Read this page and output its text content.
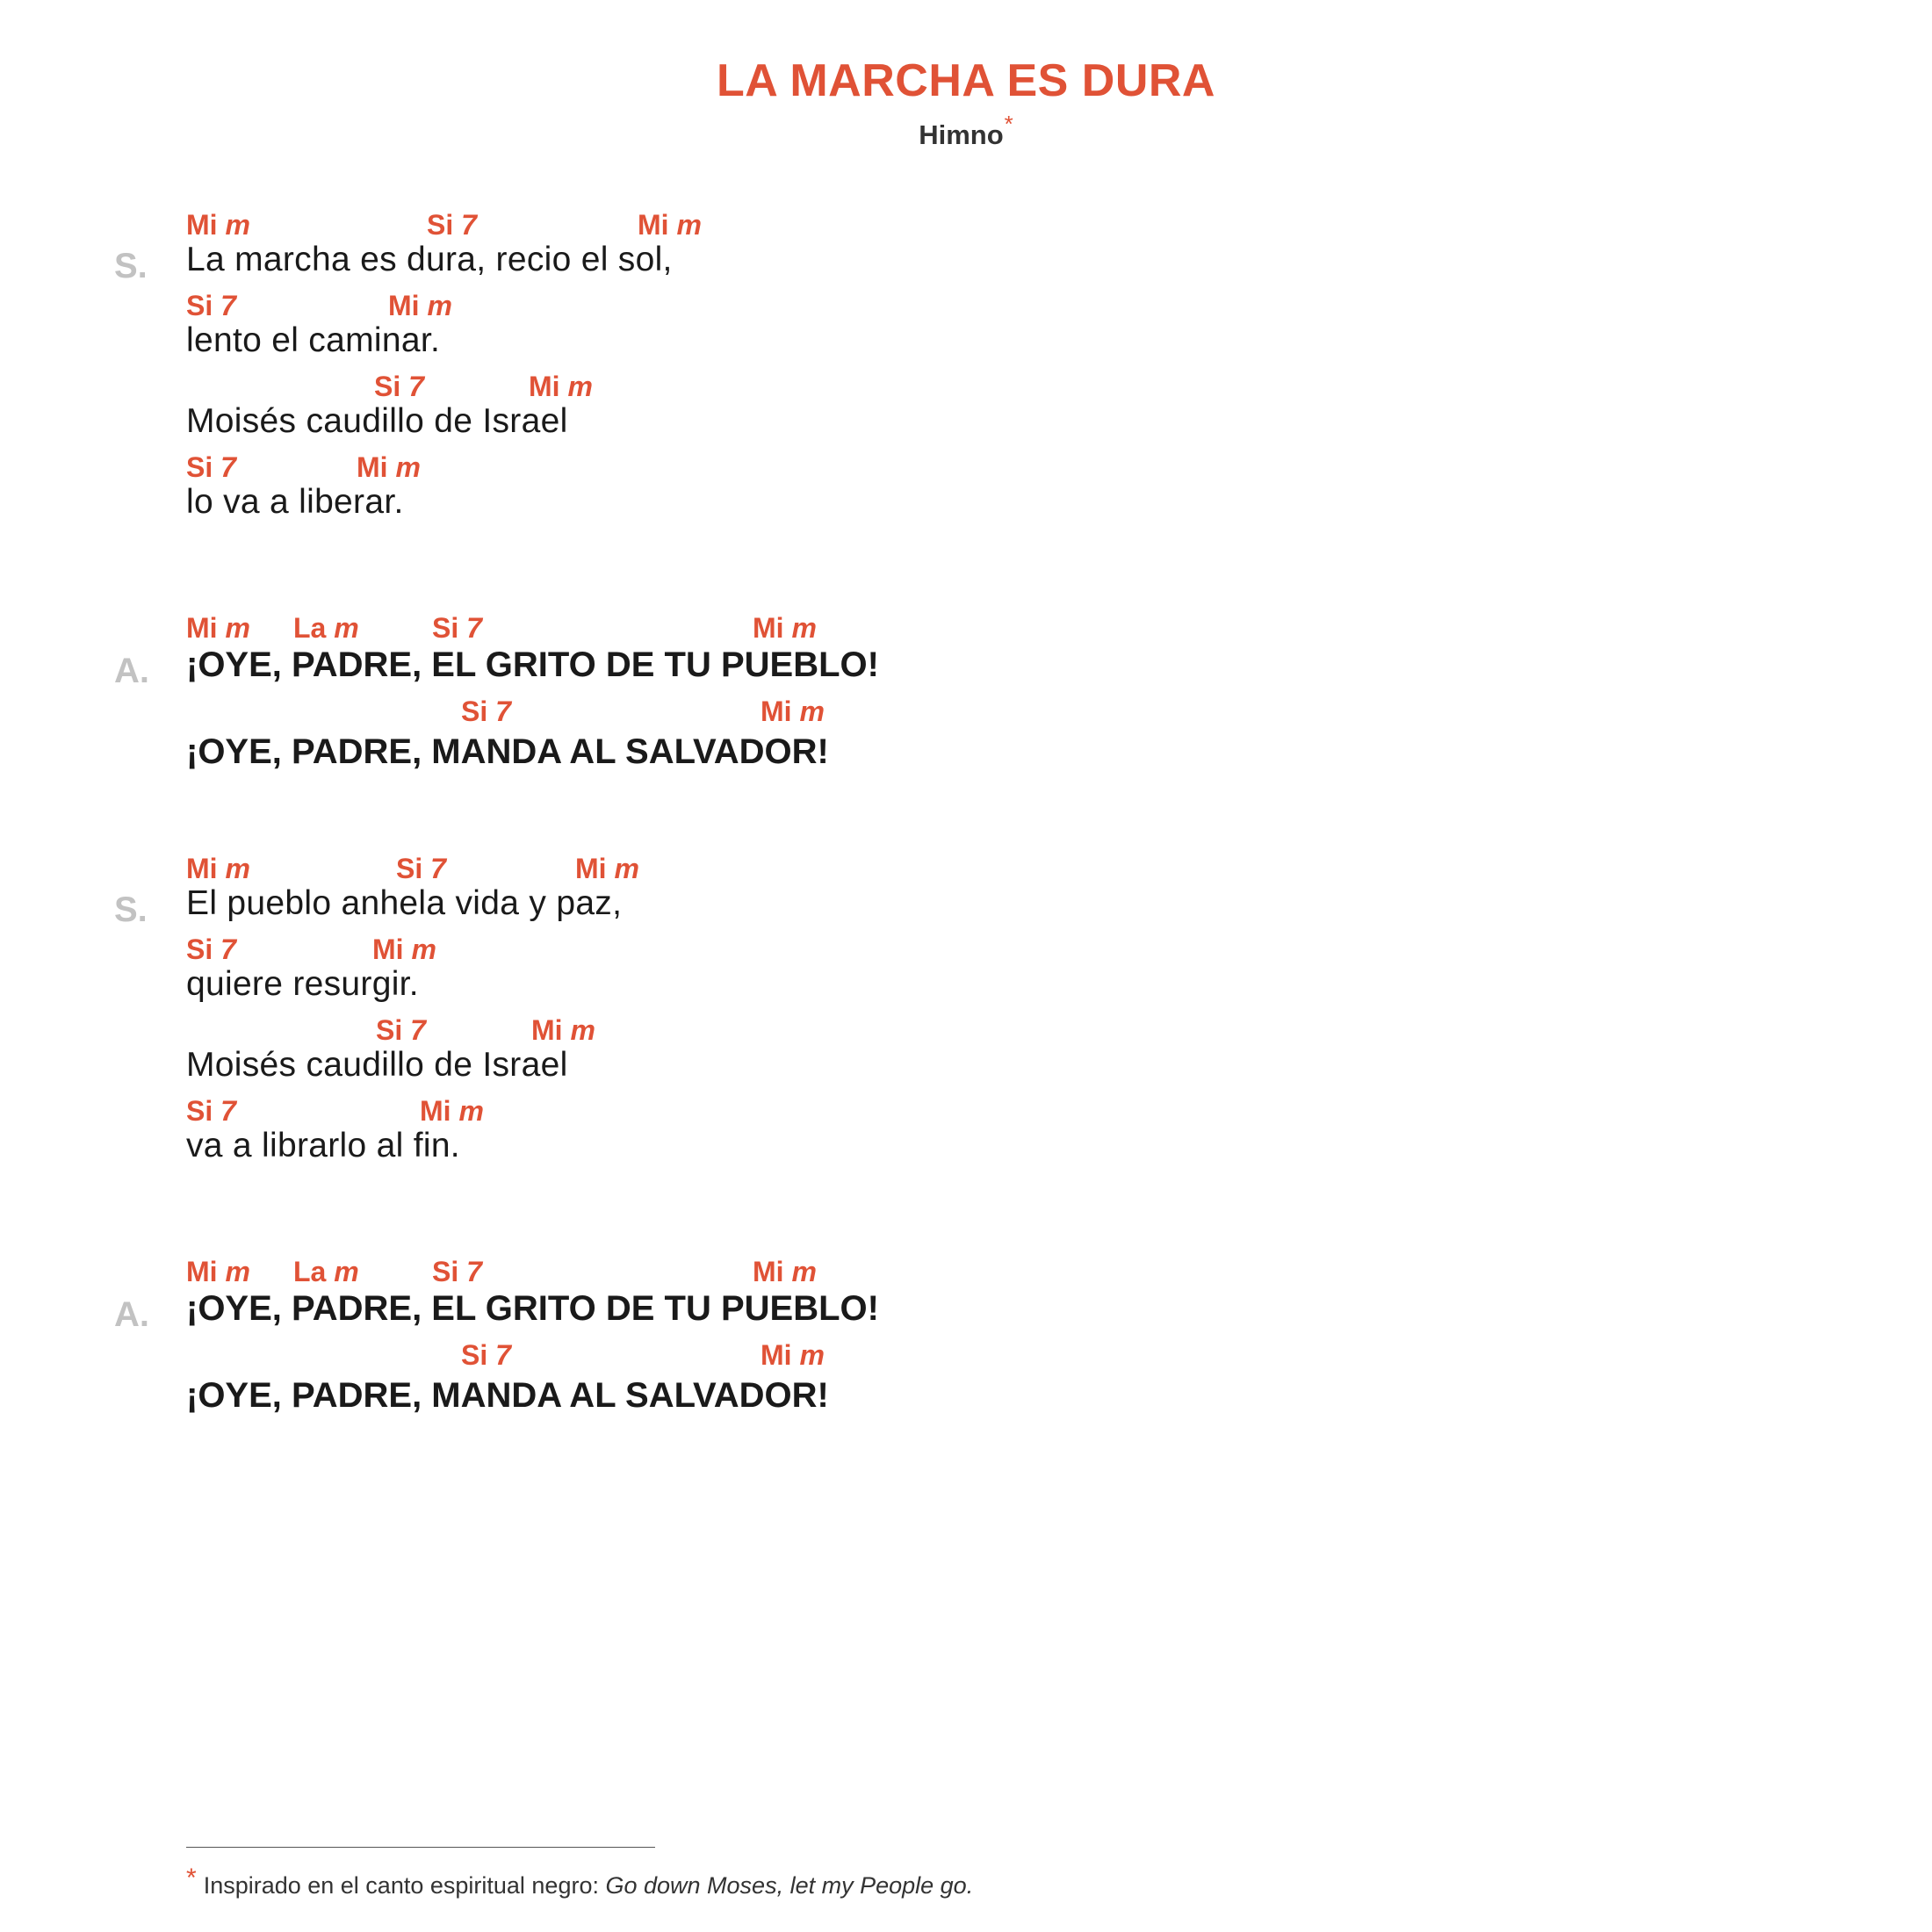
LA MARCHA ES DURA
Himno*
S.
Mi m	Si 7	Mi m
La marcha es dura, recio el sol,
Si 7	Mi m
lento el caminar.
Si 7	Mi m
Moisés caudillo de Israel
Si 7	Mi m
lo va a liberar.
A.
Mi m La m	Si 7	Mi m
¡OYE, PADRE, EL GRITO DE TU PUEBLO!
Si 7	Mi m
¡OYE, PADRE, MANDA AL SALVADOR!
S.
Mi m	Si 7	Mi m
El pueblo anhela vida y paz,
Si 7	Mi m
quiere resurgir.
Si 7	Mi m
Moisés caudillo de Israel
Si 7	Mi m
va a librarlo al fin.
A.
Mi m La m	Si 7	Mi m
¡OYE, PADRE, EL GRITO DE TU PUEBLO!
Si 7	Mi m
¡OYE, PADRE, MANDA AL SALVADOR!
* Inspirado en el canto espiritual negro: Go down Moses, let my People go.
